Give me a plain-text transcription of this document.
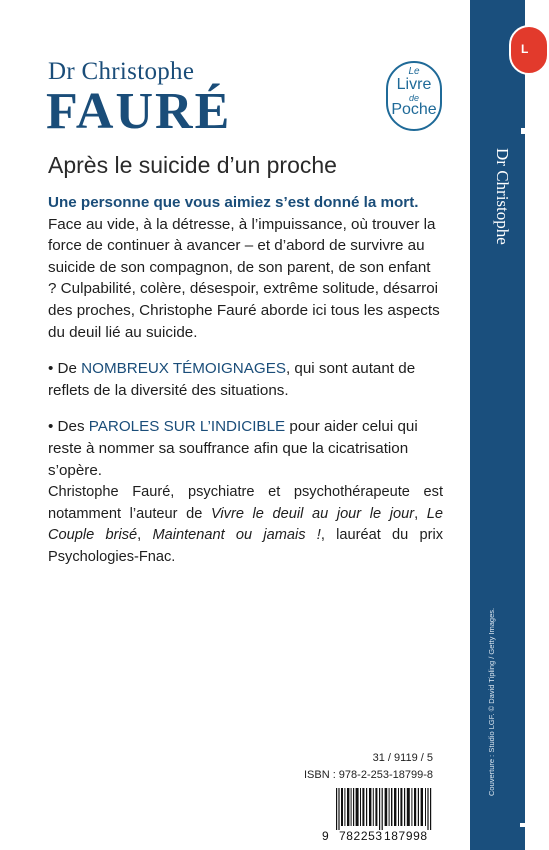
Dr Christophe
FAURÉ
Le
Livre
de
Poche
Après le suicide d’un proche

Une personne que vous aimiez s’est donné la mort. Face au vide, à la détresse, à l’impuissance, où trouver la force de continuer à avancer – et d’abord de survivre au suicide de son compagnon, de son parent, de son enfant ? Culpabilité, colère, désespoir, extrême solitude, désarroi des proches, Christophe Fauré aborde ici tous les aspects du deuil lié au suicide.

• De NOMBREUX TÉMOIGNAGES, qui sont autant de reflets de la diversité des situations.

• Des PAROLES SUR L’INDICIBLE pour aider celui qui reste à nommer sa souffrance afin que la cicatrisation s’opère.

Christophe Fauré, psychiatre et psychothérapeute est notamment l’auteur de Vivre le deuil au jour le jour, Le Couple brisé, Maintenant ou jamais !, lauréat du prix Psychologies-Fnac.
31 / 9119 / 5
ISBN : 978-2-253-18799-8
9 782253 187998
L
Dr Christophe
Couverture : Studio LGF. © David Tipling / Getty Images.
